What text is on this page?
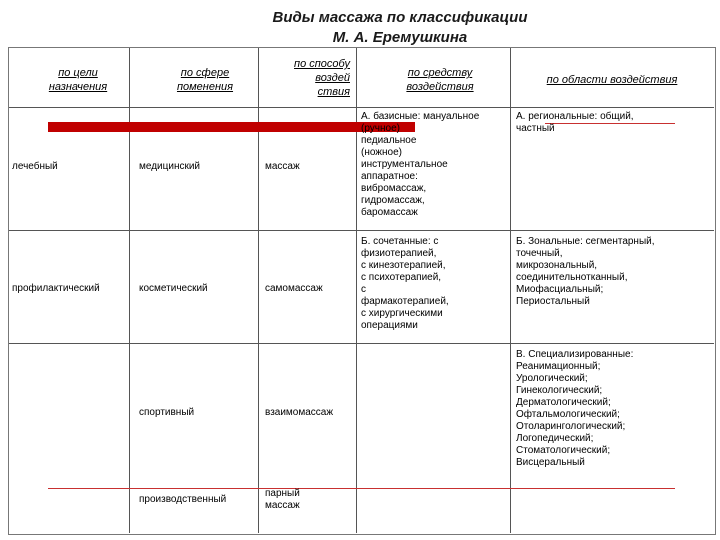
Виды массажа по классификации
М. А. Еремушкина
по цели
назначения
по сфере
поменения
по способу
воздей
ствия
по средству
воздействия
по области воздействия
лечебный
профилактический
медицинский
косметический
спортивный
производственный
массаж
самомассаж
взаимомассаж
парный
массаж
А. базисные: мануальное
(ручное)
педиальное
(ножное)
инструментальное
аппаратное:
вибромассаж,
гидромассаж,
баромассаж
Б. сочетанные: с
физиотерапией,
с кинезотерапией,
с психотерапией,
с
фармакотерапией,
с хирургическими
операциями
А. региональные: общий,
частный
Б. Зональные: сегментарный,
точечный,
микрозональный,
соединительнотканный,
Миофасциальный;
Периостальный
В. Специализированные:
Реанимационный;
Урологический;
Гинекологический;
Дерматологический;
Офтальмологический;
Отоларингологический;
Логопедический;
Стоматологический;
Висцеральный
